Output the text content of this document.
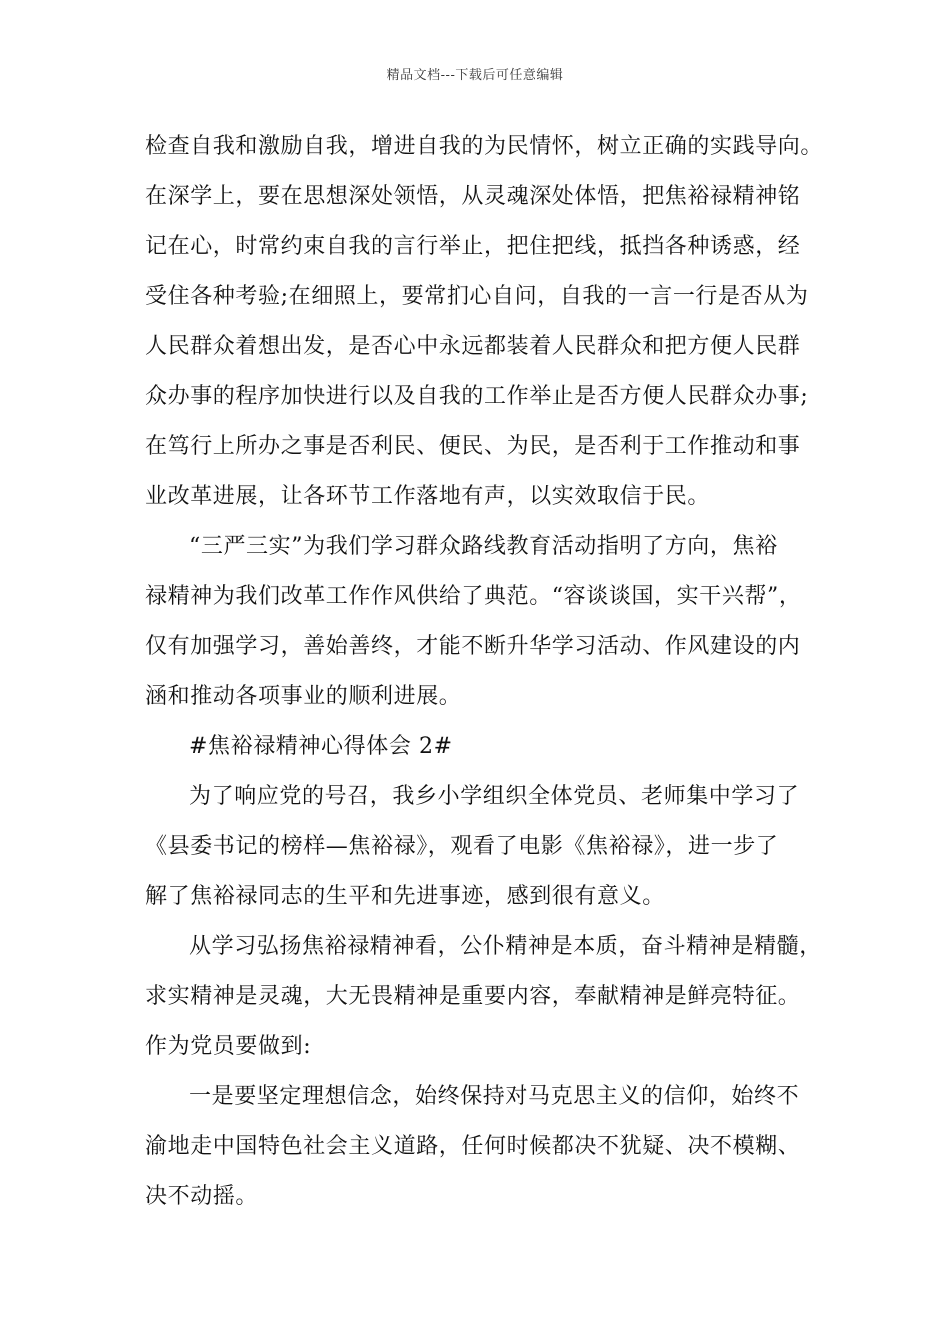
精品文档---下载后可任意编辑
检查自我和激励自我，增进自我的为民情怀，树立正确的实践导向。
在深学上，要在思想深处领悟，从灵魂深处体悟，把焦裕禄精神铭
记在心，时常约束自我的言行举止，把住把线，抵挡各种诱惑，经
受住各种考验;在细照上，要常扪心自问，自我的一言一行是否从为
人民群众着想出发，是否心中永远都装着人民群众和把方便人民群
众办事的程序加快进行以及自我的工作举止是否方便人民群众办事;
在笃行上所办之事是否利民、便民、为民，是否利于工作推动和事
业改革进展，让各环节工作落地有声，以实效取信于民。
“三严三实”为我们学习群众路线教育活动指明了方向，焦裕
禄精神为我们改革工作作风供给了典范。“容谈谈国，实干兴帮”，
仅有加强学习，善始善终，才能不断升华学习活动、作风建设的内
涵和推动各项事业的顺利进展。
#焦裕禄精神心得体会 2#
为了响应党的号召，我乡小学组织全体党员、老师集中学习了
《县委书记的榜样—焦裕禄》，观看了电影《焦裕禄》，进一步了
解了焦裕禄同志的生平和先进事迹，感到很有意义。
从学习弘扬焦裕禄精神看，公仆精神是本质，奋斗精神是精髓，
求实精神是灵魂，大无畏精神是重要内容，奉献精神是鲜亮特征。
作为党员要做到:
一是要坚定理想信念，始终保持对马克思主义的信仰，始终不
渝地走中国特色社会主义道路，任何时候都决不犹疑、决不模糊、
决不动摇。
